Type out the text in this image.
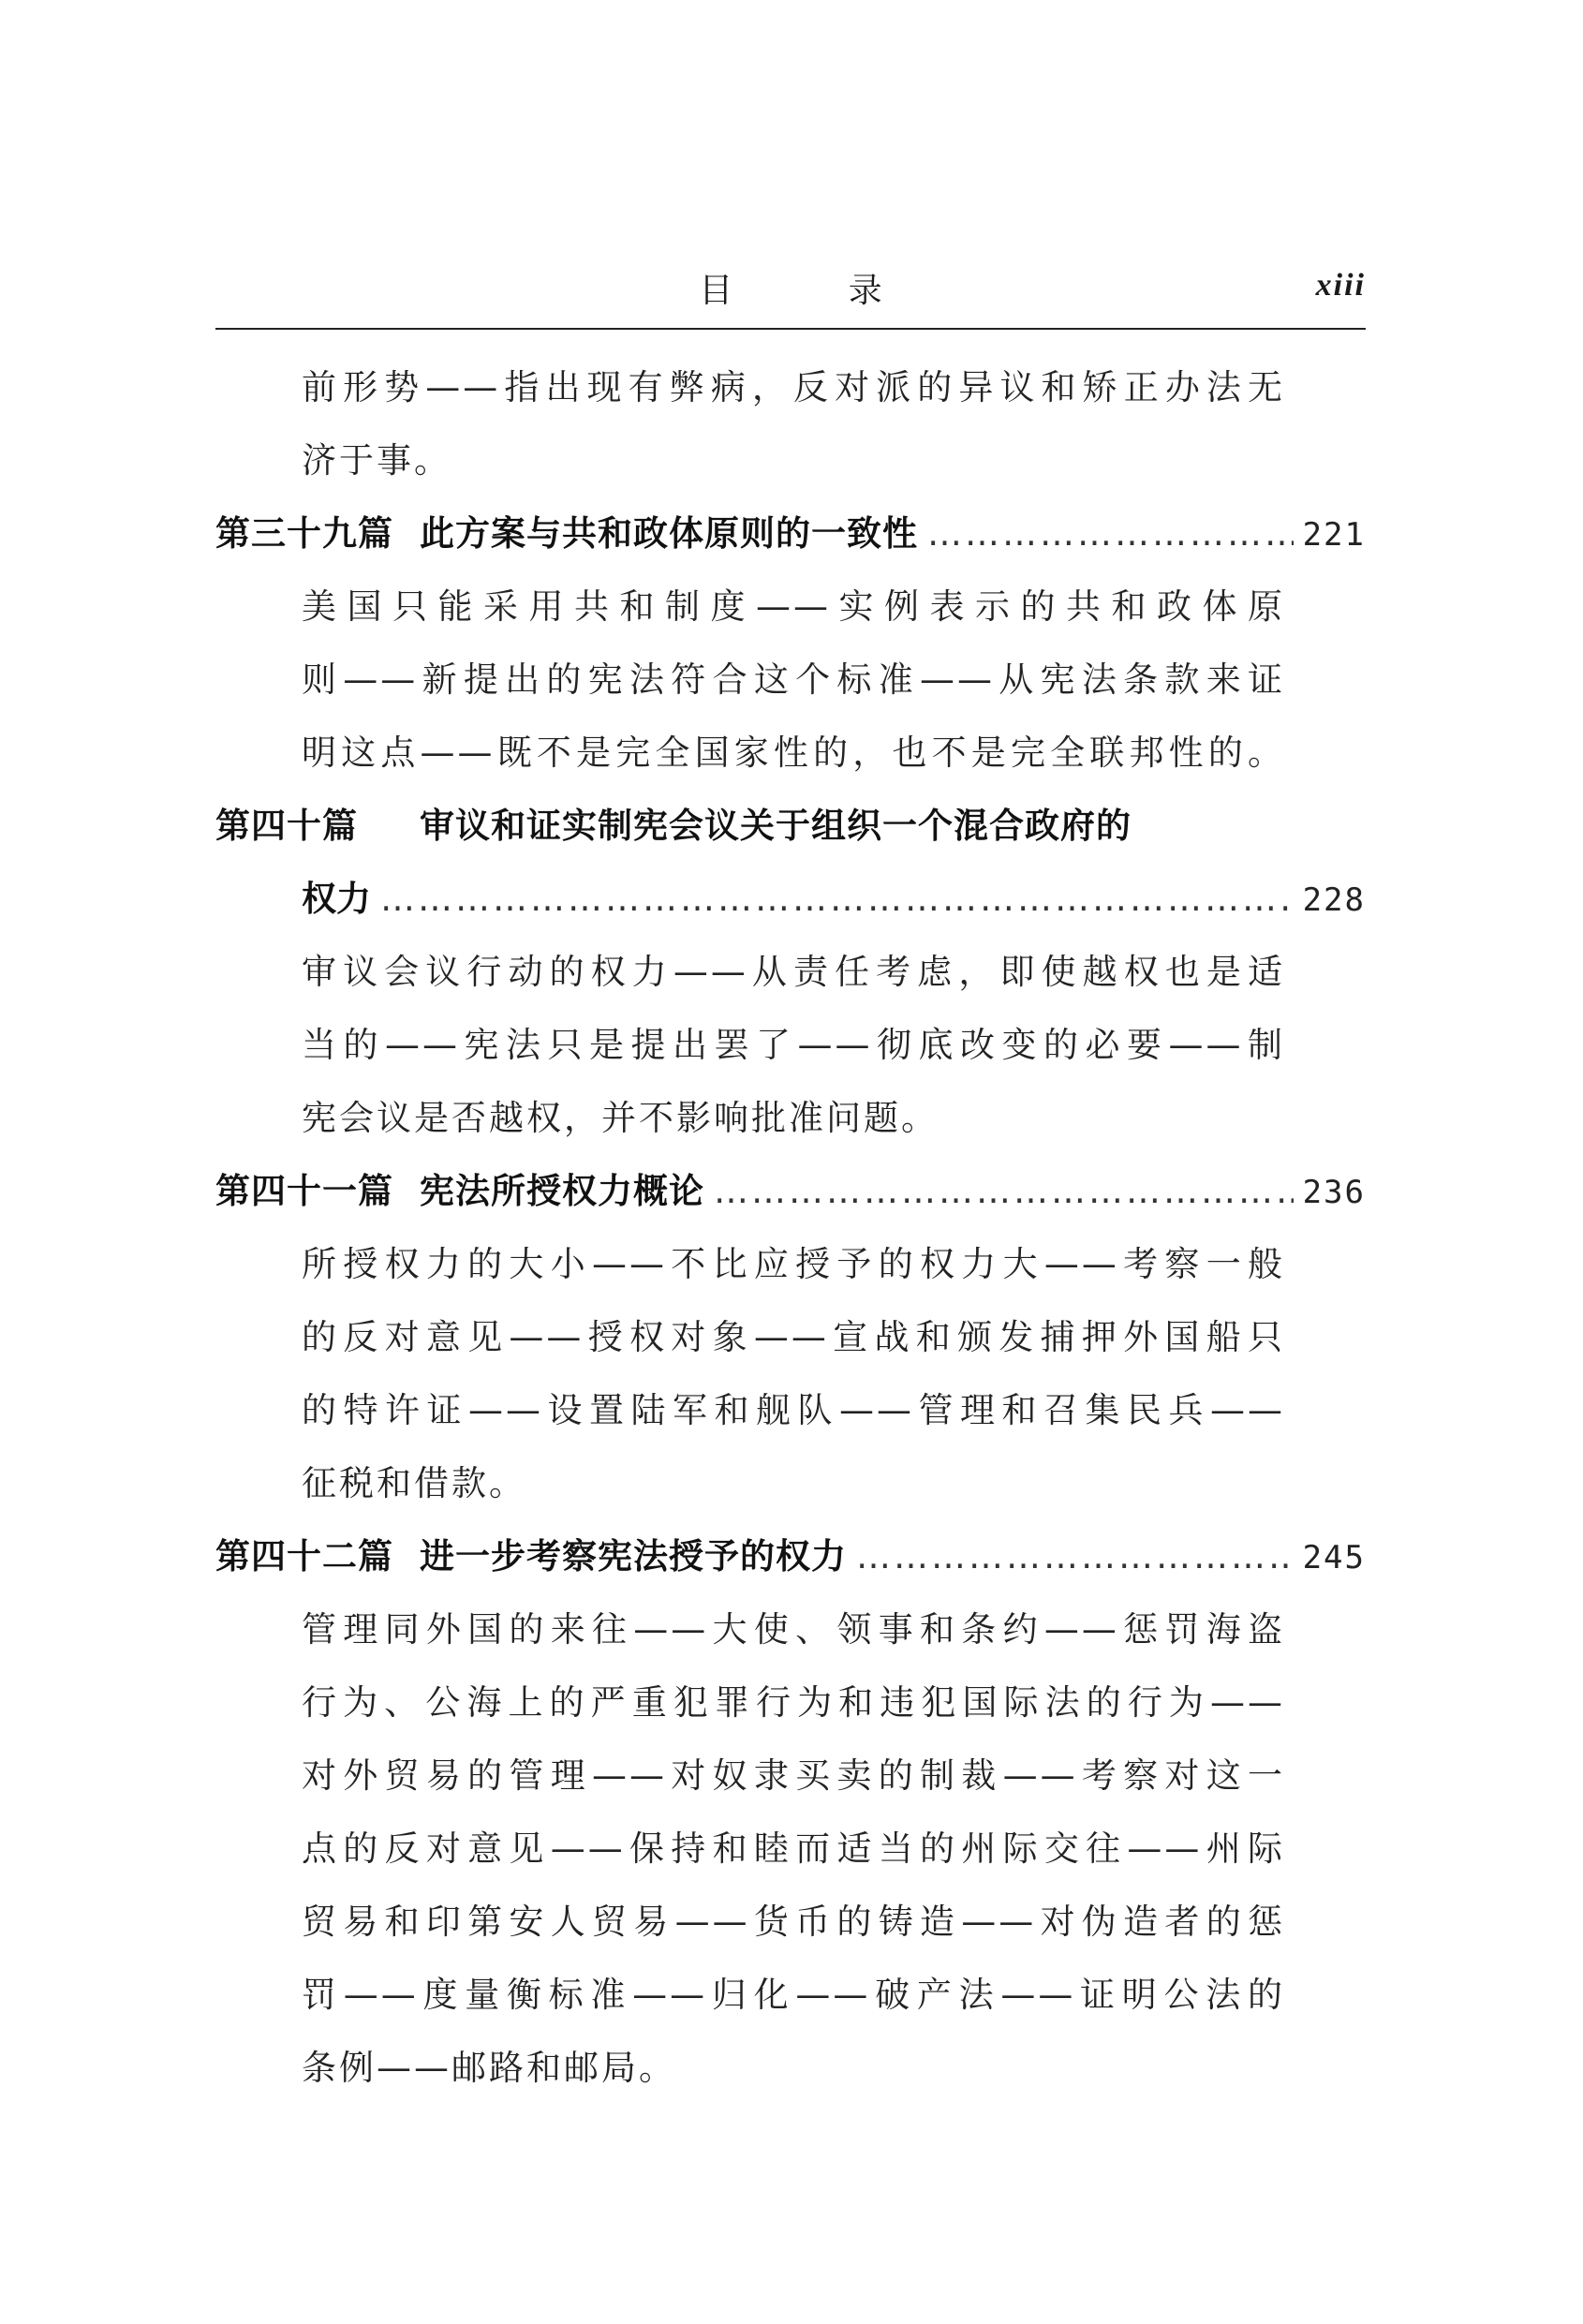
目 录	xiii
前形势——指出现有弊病，反对派的异议和矫正办法无
济于事。
第三十九篇 此方案与共和政体原则的一致性 ……………………………………………………………………………………………………………	221
美国只能采用共和制度——实例表示的共和政体原
则——新提出的宪法符合这个标准——从宪法条款来证
明这点——既不是完全国家性的，也不是完全联邦性的。
第四十篇	审议和证实制宪会议关于组织一个混合政府的
权力 ……………………………………………………………………………………………………………	228
审议会议行动的权力——从责任考虑，即使越权也是适
当的——宪法只是提出罢了——彻底改变的必要——制
宪会议是否越权，并不影响批准问题。
第四十一篇 宪法所授权力概论 ……………………………………………………………………………………………………………	236
所授权力的大小——不比应授予的权力大——考察一般
的反对意见——授权对象——宣战和颁发捕押外国船只
的特许证——设置陆军和舰队——管理和召集民兵——
征税和借款。
第四十二篇 进一步考察宪法授予的权力 ……………………………………………………………………………………………………………	245
管理同外国的来往——大使、领事和条约——惩罚海盗
行为、公海上的严重犯罪行为和违犯国际法的行为——
对外贸易的管理——对奴隶买卖的制裁——考察对这一
点的反对意见——保持和睦而适当的州际交往——州际
贸易和印第安人贸易——货币的铸造——对伪造者的惩
罚——度量衡标准——归化——破产法——证明公法的
条例——邮路和邮局。
